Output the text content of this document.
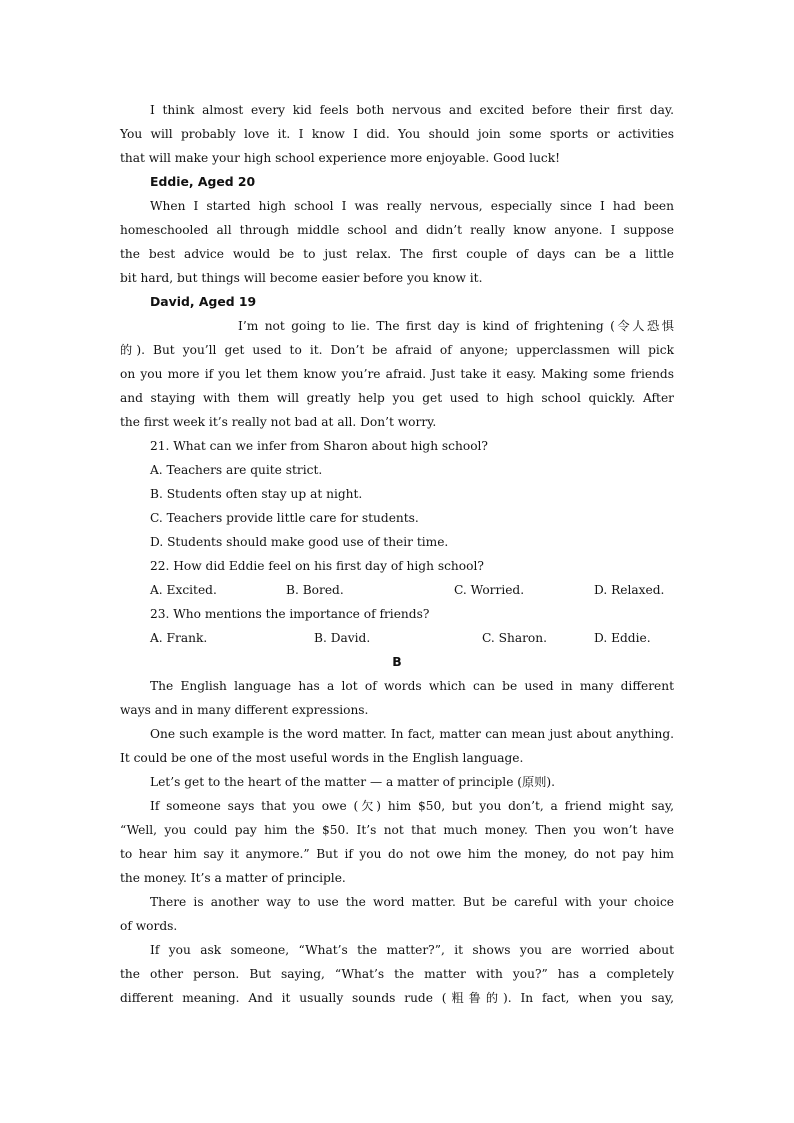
I think almost every kid feels both nervous and excited before their first day.
You will probably love it. I know I did. You should join some sports or activities
that will make your high school experience more enjoyable. Good luck!
Eddie, Aged 20
When I started high school I was really nervous, especially since I had been
homeschooled all through middle school and didn’t really know anyone. I suppose
the best advice would be to just relax. The first couple of days can be a little
bit hard, but things will become easier before you know it.
David, Aged 19
I’m not going to lie. The first day is kind of frightening (令人恐惧
的). But you’ll get used to it. Don’t be afraid of anyone; upperclassmen will pick
on you more if you let them know you’re afraid. Just take it easy. Making some friends
and staying with them will greatly help you get used to high school quickly. After
the first week it’s really not bad at all. Don’t worry.
21. What can we infer from Sharon about high school?
A. Teachers are quite strict.
B. Students often stay up at night.
C. Teachers provide little care for students.
D. Students should make good use of their time.
22. How did Eddie feel on his first day of high school?
A. Excited.	B. Bored.	C. Worried.	D. Relaxed.
23. Who mentions the importance of friends?
A. Frank.	B. David.	C. Sharon.	D. Eddie.
B
The English language has a lot of words which can be used in many different
ways and in many different expressions.
One such example is the word matter. In fact, matter can mean just about anything.
It could be one of the most useful words in the English language.
Let’s get to the heart of the matter — a matter of principle (原则).
If someone says that you owe (欠) him $50, but you don’t, a friend might say,
“Well, you could pay him the $50. It’s not that much money. Then you won’t have
to hear him say it anymore.” But if you do not owe him the money, do not pay him
the money. It’s a matter of principle.
There is another way to use the word matter. But be careful with your choice
of words.
If you ask someone, “What’s the matter?”, it shows you are worried about
the other person. But saying, “What’s the matter with you?” has a completely
different meaning. And it usually sounds rude (粗鲁的). In fact, when you say,
